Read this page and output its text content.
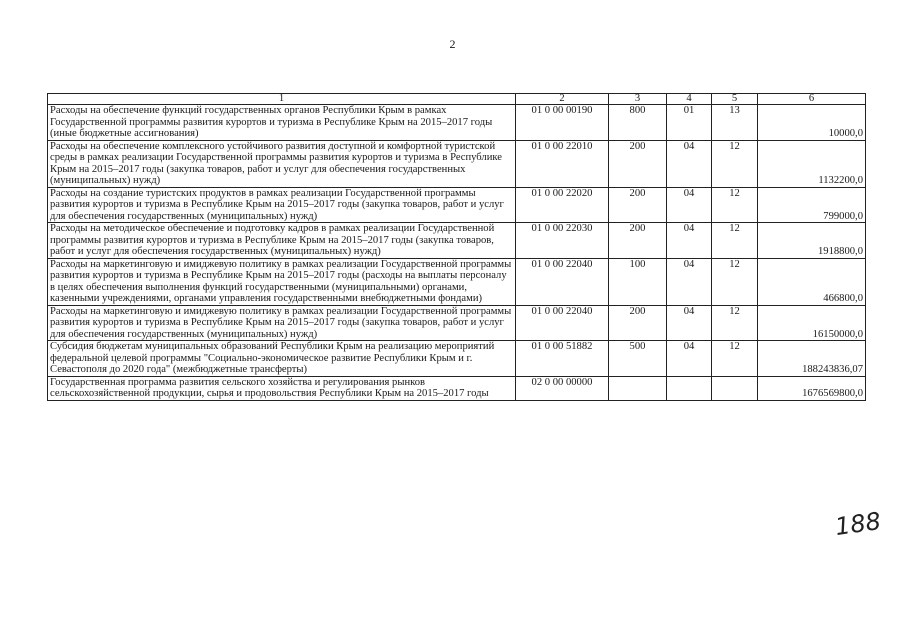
2
1	2	3	4	5	6
Расходы на обеспечение функций государственных органов Республики Крым в рамках Государственной программы развития курортов и туризма в Республике Крым на 2015–2017 годы (иные бюджетные ассигнования)	01 0 00 00190	800	01	13	10000,0
Расходы на обеспечение комплексного устойчивого развития доступной и комфортной туристской среды в рамках реализации Государственной программы развития курортов и туризма в Республике Крым на 2015–2017 годы (закупка товаров, работ и услуг для обеспечения государственных (муниципальных) нужд)	01 0 00 22010	200	04	12	1132200,0
Расходы на создание туристских продуктов в рамках реализации Государственной программы развития курортов и туризма в Республике Крым на 2015–2017 годы (закупка товаров, работ и услуг для обеспечения государственных (муниципальных) нужд)	01 0 00 22020	200	04	12	799000,0
Расходы на методическое обеспечение и подготовку кадров в рамках реализации Государственной программы развития курортов и туризма в Республике Крым на 2015–2017 годы (закупка товаров, работ и услуг для обеспечения государственных (муниципальных) нужд)	01 0 00 22030	200	04	12	1918800,0
Расходы на маркетинговую и имиджевую политику в рамках реализации Государственной программы развития курортов и туризма в Республике Крым на 2015–2017 годы (расходы на выплаты персоналу в целях обеспечения выполнения функций государственными (муниципальными) органами, казенными учреждениями, органами управления государственными внебюджетными фондами)	01 0 00 22040	100	04	12	466800,0
Расходы на маркетинговую и имиджевую политику в рамках реализации Государственной программы развития курортов и туризма в Республике Крым на 2015–2017 годы (закупка товаров, работ и услуг для обеспечения государственных (муниципальных) нужд)	01 0 00 22040	200	04	12	16150000,0
Субсидия бюджетам муниципальных образований Республики Крым на реализацию мероприятий федеральной целевой программы "Социально-экономическое развитие Республики Крым и г. Севастополя до 2020 года" (межбюджетные трансферты)	01 0 00 51882	500	04	12	188243836,07
Государственная программа развития сельского хозяйства и регулирования рынков сельскохозяйственной продукции, сырья и продовольствия Республики Крым на 2015–2017 годы	02 0 00 00000				1676569800,0
188
